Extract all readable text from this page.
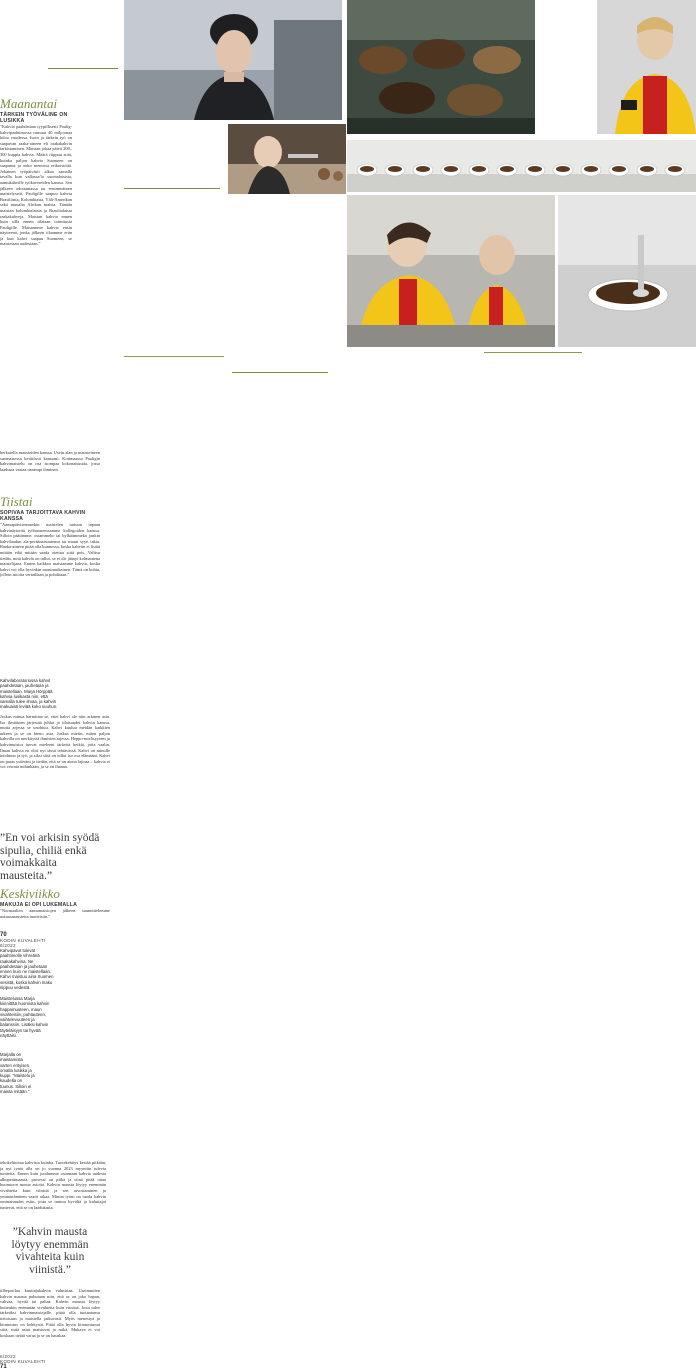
Kun Marja haki paikkasi Pauligin kahvitaboriaatoriosta, hän ei vielä tiennyt mitä tulisi tekemään. ”Pienenä olin tosi ronkeli. En osaa sanoa, olike se hyvää makuaistia vai olenko vain ollut tavan tapaaan.”
Maanantai
TÄRKEIN TYÖVÄLINE ON LUSIKKA
”Kahvia paahdetaan tyypillisesti Paulig-kahvipaahtimossa runsaat 40 miljoonaa kiloa vuodessa. Isoin ja tärkein työ on saapuvan raaka-aineen eli raakakahvin tarkistaminen. Maistan jokaa päivä 200–300 kuppia kahvia. Määrä riippuu siitä, kuinka paljon kahvia Suomeen on saapunut ja onko menossa erikoistöitä. Jokainen työpäivästi alkaa samalla tavalla kun vallassa/la suomalaisista, aamukahville työkavereiden kanssa. Sen jälkeen odottamassa on ensimmäinen maistelysetti. Pauligille saapuu kahvia Brasiliasta, Kolumbiasta, Väli-Amerikan sekä muualta Afrikan maista. Tänään maistan kolumbialaisia ja Brasilialaisia raakakahveja. Maistan kahvia ennen kuin sillä ennen tilataan toimitusta Pauligille. Maistamme kahvia ensin näytteenä, jonka jälkeen tilaamme erän ja kun kahvi saapuu Suomeen, se maistetaan uudestaan.”
herkutella mausteiden kanssa. Usein alan ja mausteineen suomaisessa keittiössä kanssani. Kotimaassa Pauligin kahvimaistelu on osa isompaa kokonaisuutta, jossa laadusta vastaa useampi ihminen.
Tiistai
SOPIVAA TARJOITTAVA KAHVIN KANSSA
”Aamupäivisemmekin maistelen tuttuun tapaan kahvinäytteitä työhuoneessamme kollegoiden kanssa. Silloin päätämme, ostammeko tai hylkäämmekö jonkin kahvilaadun ala-peräänaisuutensa tai muun syyn takia. Raaka-aineen pitää olla kunnossa, koska kahviin ei lisätä mitään eikä mitään saada otettua siitä pois. Valitsu tiedän, mitä kahvin on tullut, se ei ole jäänyt kolmantena maistelijana. Ennen kaikkea maistamme kahvin, koska kahvi voi olla hyvinkin monimutkainen. Tämä on kohta, jolloin asioita vertaillaan ja pohditaan.”
Kahvilaboratoriossa kahvit paahdetaan, jauhetaan ja maistellaan. Marja Hörppää kahvia lusikasta niin, että samalla tulee ilmaa, ja kahvin makuaisti leviää koko suuhun.
Joskus minua harmittaa se, ettei kahvi ole niin arkinen asia. Iso ilmiöinen järjestää juhlat ja tilaisuudet kahvin kanssa, mutta arjessa se unohtuu. Kahvi kuuluu meidän kaikkien arkeen ja se on hieno asia. Joskus mietin, miten paljon kahvilla on merkitystä ihmisten arjessa. Heppo-mielisyyteni ja kahvimuistot tuovat mieleeni tärkeitä hetkiä, joita vaalin. Ilman kahvia en olisi nyt tässä tehtävässä. Kahvi on minulle intohimo ja työ, ja siksi siitä on tullut iso osa elämääni. Kahvi on paras ystäväni ja tiedän, että se on ainoa lajinsa – kahvia ei voi verrata mihinkään, ja se on ihanaa.
”En voi arkisin syödä sipulia, chiliä enkä voimakkaita mausteita.”
Keskiviikko
MAKUJA EI OPI LUKEMALLA
”Normaalien aamumaistojen jälkeen suunnittelemme uutuusmausteita tuotteisiin.”
70
KODIN KUVALEHTI
6/2022
Kahvipavut tulevat paahtimolle vihreänä raakakahvina. Ne paahdetaan ja jauhetaan ennen kuin ne maistellaan. Kahvi maistuu aina Suomen vesistä, koska kahvin maku riippuu vedestä.
Maistelussa Marja kiinnittää huomiota kahvin happamuuteen, maun vivahteisiin, puhtauteen, vaihtelevuuteen ja balanssiin. Lisäksi kahvin täyteläisyys tai hyvää näyttäisi.
Marjalla on maistamista varten erityisen omatla lusikka ja kuppi. ”Maistelu ja kaudella on tuunus. Silloin ei maista mitään.”
Ennen maistamista kahvinäytteet sekoitetaan ja kuppien pinnalla kuori kahvin vaahto pois.
tehokehtoitaa kahvista kuinka. Tuotekehitys kestää pitkään, ja nyt tyntö alla on jo vuonna 2023 myyntiin tulevia tuotteita. Ennen kuin joudumme ostamaan kahvia uudesta alkuperämaasta, prosessi on pitkä ja siinä pitää ottaa huomioon monia asioita. Kahvin mausta löytyy enemmän vivahteita kuin viinistä ja sen arvostaminen ja ymmärtäminen vaatii aikaa. Minun työni on tuoda kahvin ominaisuudet esiin, jotta se tuntuu hyvältä ja kuluttajat tuntevat, että se on laadukasta.
”Kahvin mausta löytyy enemmän vivahteita kuin viinistä.”
tilhepotilaa kuuttajakahvin valmistaa. Useimmiten kahvin mausta puhutaan niin, että se on joko hapan, vahvaa, hyvää tai pahaa. Kahvin mausta löytyy kuitenkin enemmän vivahteita kuin viinistä. Joita tulee tärkeäksi kahvinmaistajalle, pitää olla tuotantonsa tietoisuus ja maistella jatkuvasti. Myös menestyä ja kiinnostus on kehitystä. Pitää olla hyvin kiinnostunut siitä, mitä asiat maistuvat ja mikä. Mukava ei voi koskaan tietää varaa ja se on hauskaa.
6/2022
KODIN KUVALEHTI
71
